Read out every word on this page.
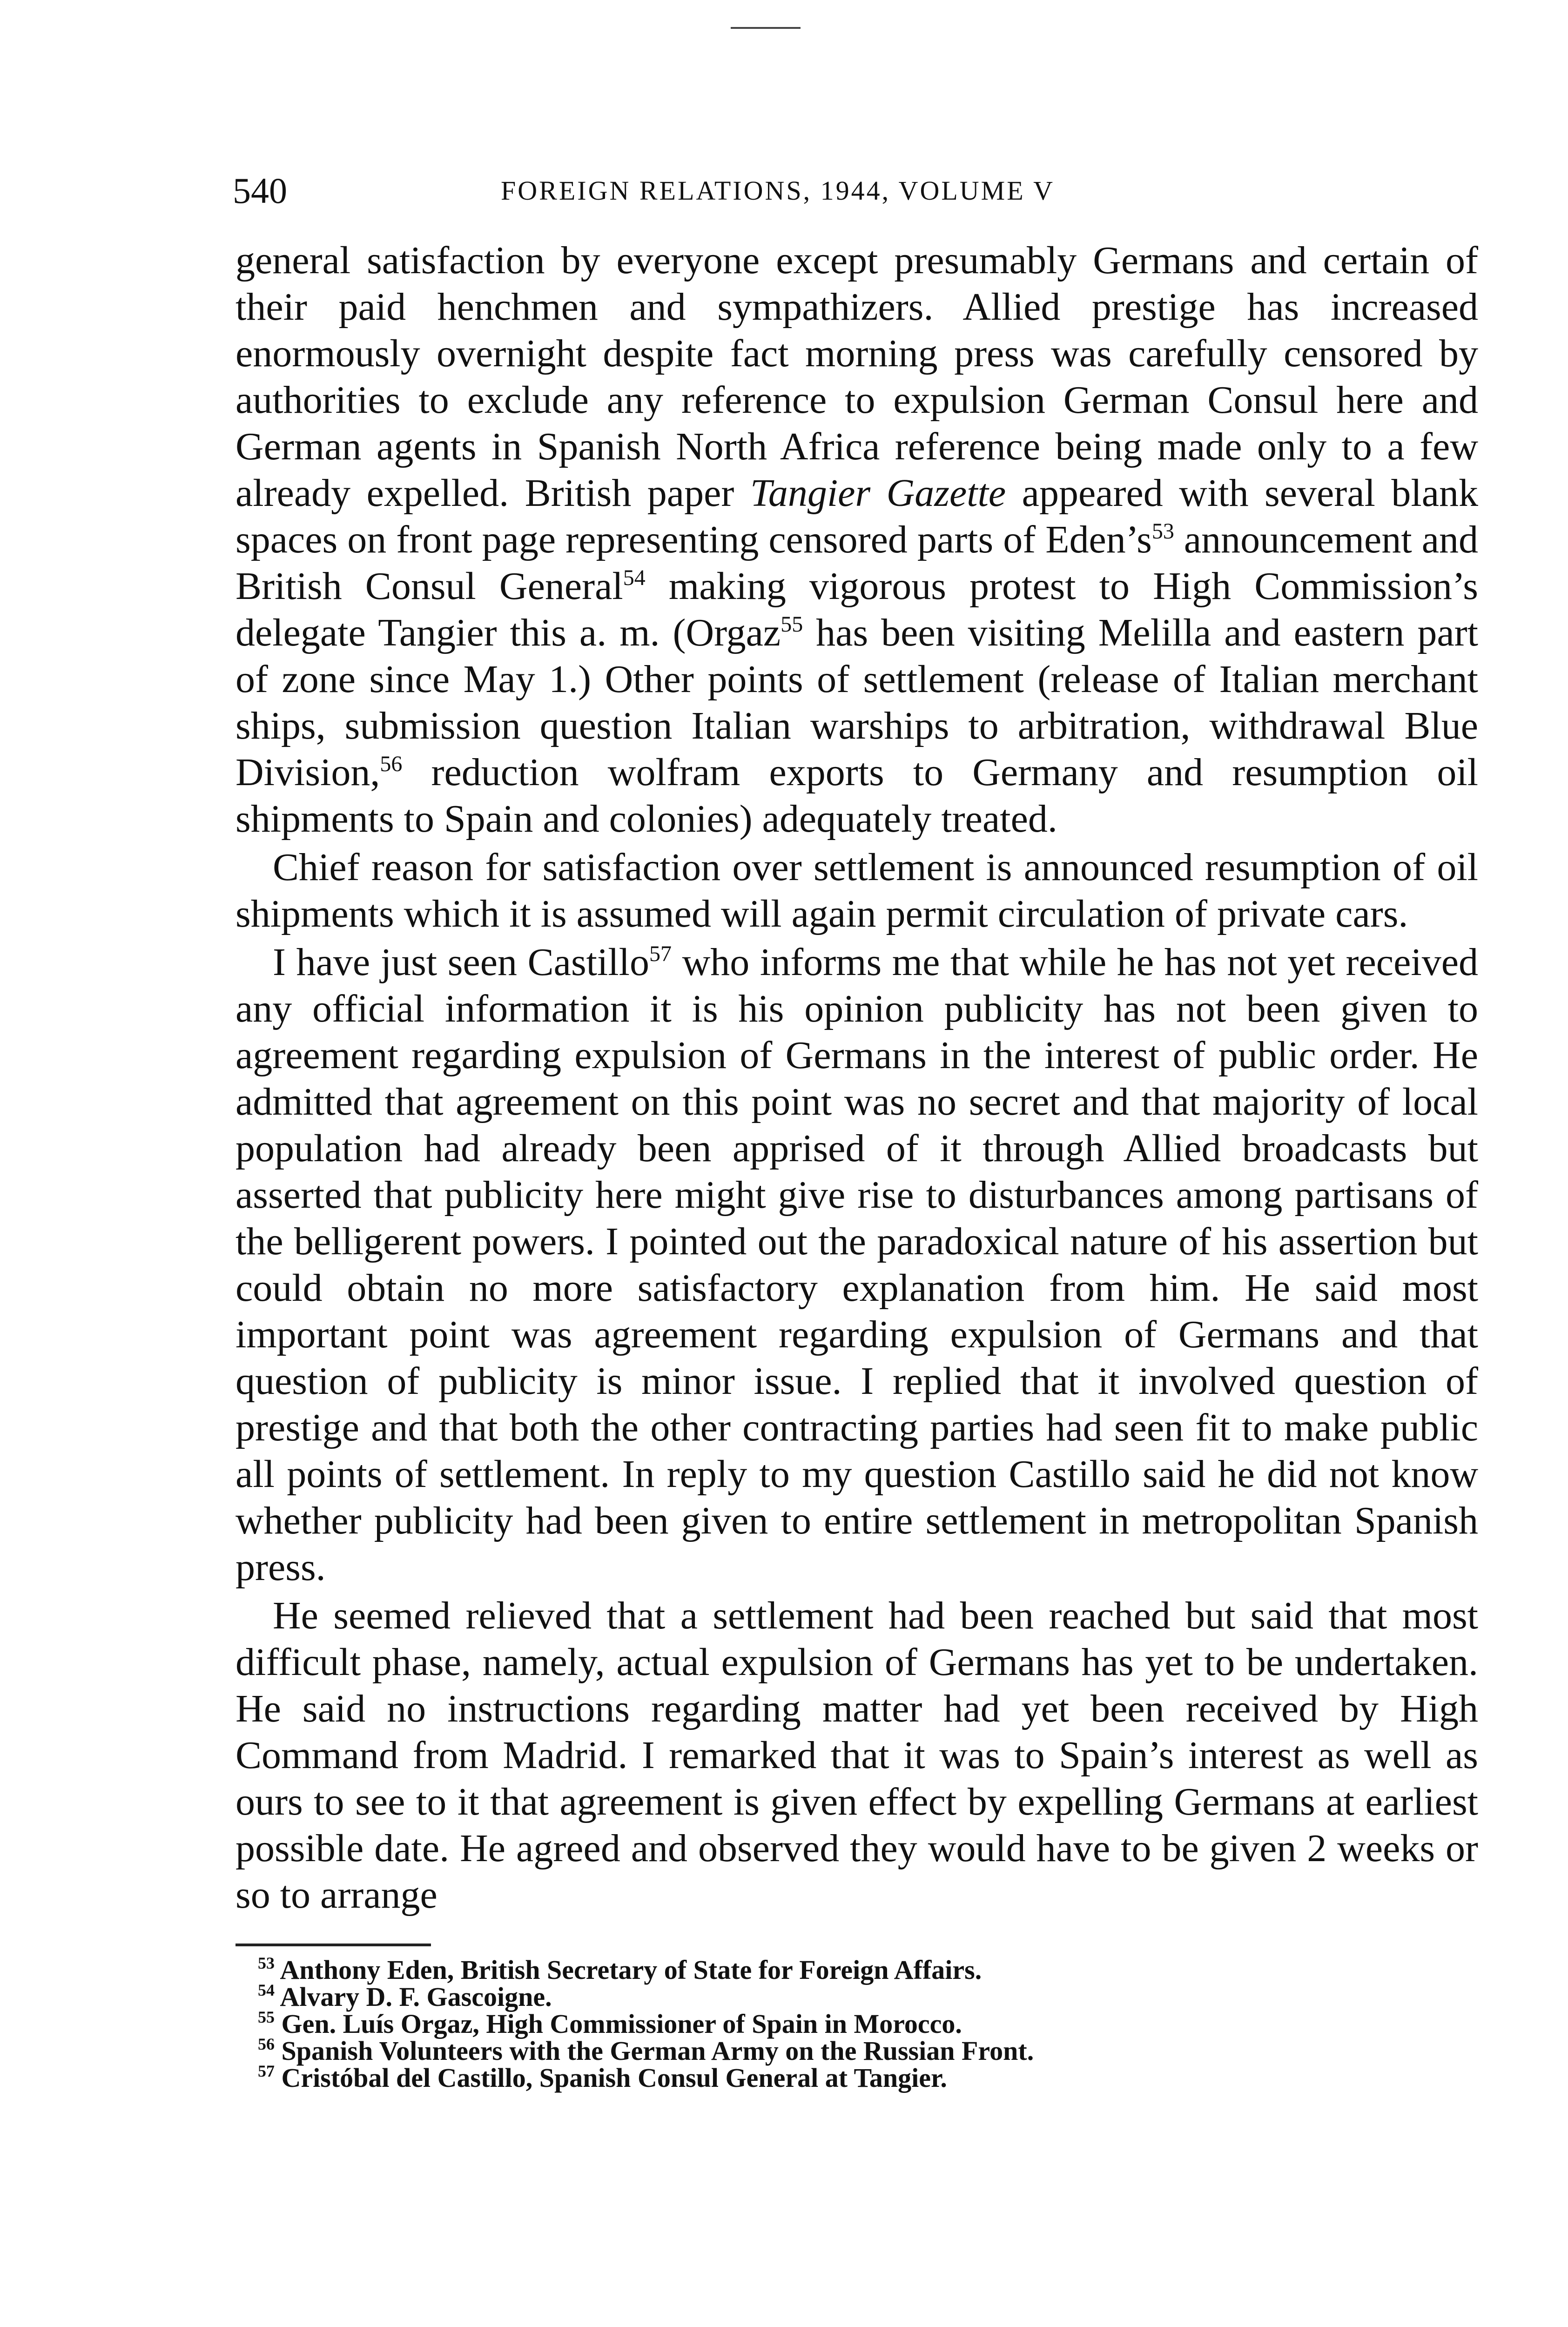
540	FOREIGN RELATIONS, 1944, VOLUME V

general satisfaction by everyone except presumably Germans and certain of their paid henchmen and sympathizers. Allied prestige has increased enormously overnight despite fact morning press was carefully censored by authorities to exclude any reference to expulsion German Consul here and German agents in Spanish North Africa reference being made only to a few already expelled. British paper Tangier Gazette appeared with several blank spaces on front page representing censored parts of $Eden’s^{53}$ announcement and British Consul General$^{54}$ making vigorous protest to High Commission’s delegate Tangier this a. m. (Orgaz$^{55}$ has been visiting Melilla and eastern part of zone since May 1.) Other points of settlement (release of Italian merchant ships, submission question Italian warships to arbitration, withdrawal Blue Division,$^{56}$ reduction wolfram exports to Germany and resumption oil shipments to Spain and colonies) adequately treated.

Chief reason for satisfaction over settlement is announced resumption of oil shipments which it is assumed will again permit circulation of private cars.

I have just seen Castillo$^{57}$ who informs me that while he has not yet received any official information it is his opinion publicity has not been given to agreement regarding expulsion of Germans in the interest of public order. He admitted that agreement on this point was no secret and that majority of local population had already been apprised of it through Allied broadcasts but asserted that publicity here might give rise to disturbances among partisans of the belligerent powers. I pointed out the paradoxical nature of his assertion but could obtain no more satisfactory explanation from him. He said most important point was agreement regarding expulsion of Germans and that question of publicity is minor issue. I replied that it involved question of prestige and that both the other contracting parties had seen fit to make public all points of settlement. In reply to my question Castillo said he did not know whether publicity had been given to entire settlement in metropolitan Spanish press.

He seemed relieved that a settlement had been reached but said that most difficult phase, namely, actual expulsion of Germans has yet to be undertaken. He said no instructions regarding matter had yet been received by High Command from Madrid. I remarked that it was to Spain’s interest as well as ours to see to it that agreement is given effect by expelling Germans at earliest possible date. He agreed and observed they would have to be given 2 weeks or so to arrange

$^{53}$ Anthony Eden, British Secretary of State for Foreign Affairs.
$^{54}$ Alvary D. F. Gascoigne.
$^{55}$ Gen. Luís Orgaz, High Commissioner of Spain in Morocco.
$^{56}$ Spanish Volunteers with the German Army on the Russian Front.
$^{57}$ Cristóbal del Castillo, Spanish Consul General at Tangier.
